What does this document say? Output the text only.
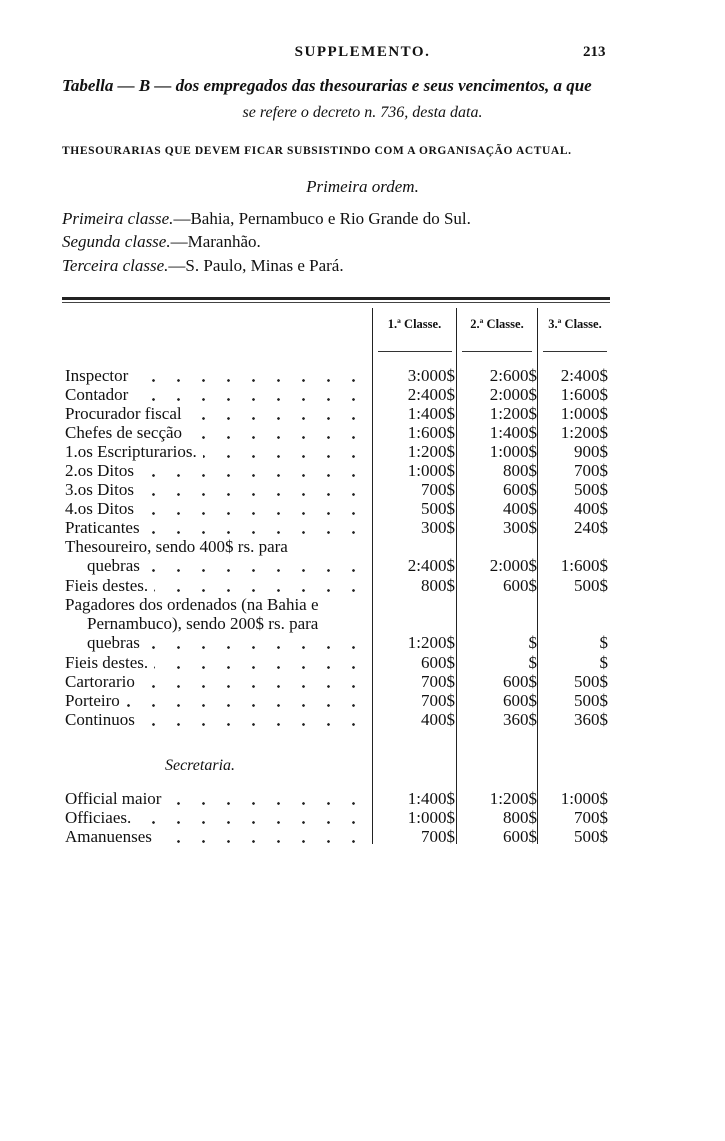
SUPPLEMENTO.	213
Tabella — B — dos empregados das thesourarias e seus vencimentos, a que
se refere o decreto n. 736, desta data.
THESOURARIAS QUE DEVEM FICAR SUBSISTINDO COM A ORGANISAÇÃO ACTUAL.
Primeira ordem.
Primeira classe.—Bahia, Pernambuco e Rio Grande do Sul.
Segunda classe.—Maranhão.
Terceira classe.—S. Paulo, Minas e Pará.
1.ª Classe.	2.ª Classe.	3.ª Classe.
Inspector	3:000$	2:600$	2:400$
Contador	2:400$	2:000$	1:600$
Procurador fiscal	1:400$	1:200$	1:000$
Chefes de secção	1:600$	1:400$	1:200$
1.os Escripturarios.	1:200$	1:000$	900$
2.os Ditos	1:000$	800$	700$
3.os Ditos	700$	600$	500$
4.os Ditos	500$	400$	400$
Praticantes	300$	300$	240$
Thesoureiro, sendo 400$ rs. para
quebras	2:400$	2:000$	1:600$
Fieis destes.	800$	600$	500$
Pagadores dos ordenados (na Bahia e
Pernambuco), sendo 200$ rs. para
quebras	1:200$	$	$
Fieis destes.	600$	$	$
Cartorario	700$	600$	500$
Porteiro	700$	600$	500$
Continuos	400$	360$	360$
Official maior	1:400$	1:200$	1:000$
Officiaes.	1:000$	800$	700$
Amanuenses	700$	600$	500$
Secretaria.
